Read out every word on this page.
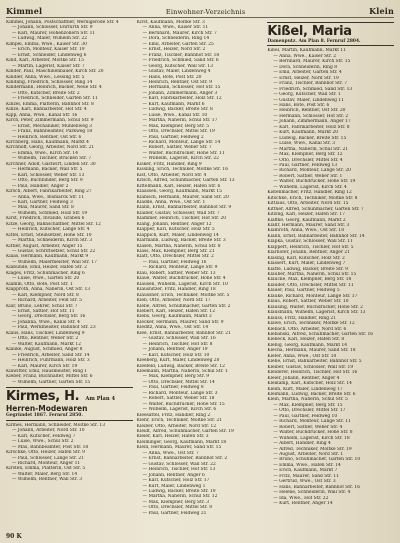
Kimmel	Einwohner-Verzeichnis	Klein
Kimmel, Johann, Postschaffner, Wernigerode Str. 4
— Johann, Schlosser, Ehrfurth Str. 9
— Karl, Maurer, Hohenzollern Str. 11
— Ludwig, Maler, Wilhelm Str. 22
Kimpel, Emma, Wwe., Kaiser Str. 30
— Erich, Monteur, Kaiser Str. 19
— Ernst, Schneider, Lindenweg 6
Kind, Karl, Arbeiter, Moltke Str. 15
— Martin, Lagerist, Kaiser Str. 7
Kinder, Paul, Maschinenbauer, Kirch Str. 20
Kindler, Anna, Wwe., Lessing Str. 5
Kindling, Friedrich, Schlosser, Ring 14
Kindermann, Heinrich, Bäcker, Neue Str. 4
— Otto, Kutscher, Breite Str. 2
— Friedrich, Schneider, Garten Str. 11
Kinzel, Emma, Plätterin, Bahnhof Str. 8
Kinze, Karl, Bahnarbeiter, Hof Str. 4
Kipp, Anna, Wwe., Kanal Str. 16
Kirch, Peter, Zimmermann, Schul Str. 9
— Ernst, Mechaniker, Mühlenweg 3
— Franz, Bahnbeamter, Parkweg 18
— Heinrich, Rentner, Ost Str. 6
Kirchberg, Hans, Kaufmann, Markt 4
Kirchhoff, Georg, Arbeiter, Nord Str. 21
— Emma, Wwe., Kirch Str. 14
— Wilhelm, Tischler, Brücken Str. 7
Kirchner, Adolf, Gastwirt, Linden Str. 30
— Hermann, Bäcker, Wall Str. 5
— Karl, Schlosser, Weber Str. 13
— Otto, Buchbinder, Berg Str. 9
— Paul, Händler, Anger 2
Kirsch, Albert, Fabrikarbeiter, Ring 27
— Anna, Wwe., Bismarck Str. 11
— Karl, Gärtner, Feldweg 3
— Max, Maurer, Sand Str. 8
— Wilhelm, Schmied, Holz Str. 19
Kirst, Friedrich, Invalide, Graben 6
Kitze, Georg, Bahnschaffner, Mittel Str. 12
— Heinrich, Kutscher, Lange Str. 4
Kittel, Ernst, Steinsetzer, Hohe Str. 10
— Martha, Schneiderin, Kirch Str. 3
Kittler, August, Arbeiter, Anger 15
— Gustav, Schriftsetzer, Schul Str. 22
Klaas, Hermann, Kaufmann, Markt 9
— Wilhelm, Malermeister, Wall Str. 17
Klabunde, Emil, Heizer, Hafen Str. 2
Klages, Fritz, Schuhmacher, Ring 6
— Luise, Wwe., Garten Str. 20
Klamm, Otto, Bote, Post Str. 1
Klapproth, Anna, Näherin, Ost Str. 13
— Karl, Klempner, Nord Str. 8
— Richard, Arbeiter, Feld Str. 5
Klar, Bruno, Lehrer, Schul Str. 7
— Ernst, Sattler, Hof Str. 11
— Georg, Drechsler, Berg Str. 16
— Johanna, Wwe., Kanal Str. 4
— Paul, Werkmeister, Bahnhof Str. 23
Klaus, Hans, Tischler, Lindenweg 9
— Otto, Rentner, Weber Str. 2
— Walter, Kaufmann, Markt 12
Klauke, August, Schmied, Anger 8
— Friedrich, Arbeiter, Sand Str. 14
— Heinrich, Fuhrmann, Holz Str. 3
— Karl, Maurer, Kirch Str. 19
Klawitter, Emil, Hausmeister, Ring 1
Kleber, Franz, Buchhalter, Mittel Str. 6
— Wilhelm, Gärtner, Garten Str. 15
Kirmes, H. Am Plan 4
Herren-Modewaren
Gegründet 1867. Fernruf 2850.
Kirmes, Hermann, Schneider, Moltke Str. 13
— Johann, Arbeiter, Nord Str. 10
— Karl, Kutscher, Feldweg 7
— Luise, Wwe., Schul Str. 2
— Max, Bahnbeamter, Post Str. 18
Kirschke, Otto, Heizer, Hafen Str. 9
— Paul, Schlosser, Lange Str. 21
— Richard, Monteur, Anger 11
Kirsten, Emma, Plätterin, Ost Str. 5
— Walter, Maler, Berg Str. 14
— Wilhelm, Rentner, Wall Str. 3
Kirst, Kaufmann, Moltke Str. 3
— Anna, Wwe., Kaiser Str. 11
— Bernhard, Maurer, Kirch Str. 7
— Dora, Schneiderin, Ring 14
— Emil, Arbeiter, Garten Str. 25
— Ernst, Heizer, Nord Str. 2
— Franz, Tischler, Bahnhof Str. 18
— Friedrich, Schmied, Sand Str. 6
— Georg, Kutscher, Wall Str. 13
— Gustav, Maler, Lindenweg 4
— Hans, Bote, Post Str. 20
— Heinrich, Rentner, Ost Str. 9
— Hermann, Schlosser, Hof Str. 15
— Johann, Zimmermann, Anger 3
— Karl, Fabrikarbeiter, Holz Str. 12
— Kurt, Kaufmann, Markt 6
— Ludwig, Bäcker, Breite Str. 8
— Luise, Wwe., Kanal Str. 10
— Martha, Näherin, Schul Str. 17
— Max, Klempner, Berg Str. 5
— Otto, Drechsler, Mittel Str. 19
— Paul, Gärtner, Feldweg 2
— Richard, Monteur, Lange Str. 14
— Robert, Sattler, Weber Str. 7
— Walter, Buchdrucker, Hohe Str. 11
— Wilhelm, Lagerist, Kirch Str. 22
Kisker, Fritz, Händler, Ring 9
Kissling, Erich, Techniker, Moltke Str. 16
Kist, Otto, Arbeiter, Nord Str. 4
Kitsch, Alfred, Schuhmacher, Garten Str. 13
Kittelmann, Karl, Heizer, Hafen Str. 6
Klaassen, Georg, Kaufmann, Markt 15
Klabisch, Hermann, Maurer, Sand Str. 20
Kladde, Anna, Wwe., Ost Str. 1
Klähn, Ernst, Bahnarbeiter, Bahnhof Str. 9
Klaiber, Gustav, Schlosser, Wall Str. 7
Klammer, Heinrich, Tischler, Hof Str. 20
Klang, Johann, Rentner, Anger 12
Klapper, Karl, Kutscher, Holz Str. 5
Klappich, Kurt, Maler, Lindenweg 14
Klarmann, Ludwig, Bäcker, Breite Str. 3
Klasen, Martha, Näherin, Schul Str. 8
Klass, Max, Klempner, Berg Str. 21
Klatt, Otto, Drechsler, Mittel Str. 2
— Paul, Gärtner, Feldweg 16
— Richard, Monteur, Lange Str. 9
Klau, Robert, Sattler, Weber Str. 13
Klaue, Walter, Buchdrucker, Hohe Str. 4
Klausen, Wilhelm, Lagerist, Kirch Str. 10
Klausnitzer, Fritz, Händler, Ring 18
Klaussner, Erich, Techniker, Moltke Str. 5
Kleb, Otto, Arbeiter, Nord Str. 17
Klebe, Alfred, Schuhmacher, Garten Str. 2
Klebert, Karl, Heizer, Hafen Str. 12
Klebs, Georg, Kaufmann, Markt 3
Klecker, Hermann, Maurer, Sand Str. 9
Kleditz, Anna, Wwe., Ost Str. 14
Klee, Ernst, Bahnarbeiter, Bahnhof Str. 21
— Gustav, Schlosser, Wall Str. 16
— Heinrich, Tischler, Hof Str. 8
— Johann, Rentner, Anger 19
— Karl, Kutscher, Holz Str. 10
Kleeberg, Kurt, Maler, Lindenweg 20
Kleefeld, Ludwig, Bäcker, Breite Str. 12
Kleemann, Martha, Näherin, Schul Str. 1
— Max, Klempner, Berg Str. 9
— Otto, Drechsler, Mittel Str. 14
— Paul, Gärtner, Feldweg 8
— Richard, Monteur, Lange Str. 3
— Robert, Sattler, Weber Str. 18
— Walter, Buchdrucker, Hohe Str. 15
— Wilhelm, Lagerist, Kirch Str. 6
Kleesattel, Fritz, Händler, Ring 2
Klehr, Erich, Techniker, Moltke Str. 21
Kleiber, Otto, Arbeiter, Nord Str. 12
Kleidt, Alfred, Schuhmacher, Garten Str. 19
Kleier, Karl, Heizer, Hafen Str. 3
Kleiminger, Georg, Kaufmann, Markt 18
Klein, Hermann, Maurer, Sand Str. 15
— Anna, Wwe., Ost Str. 7
— Ernst, Bahnarbeiter, Bahnhof Str. 2
— Gustav, Schlosser, Wall Str. 22
— Heinrich, Tischler, Hof Str. 13
— Johann, Rentner, Anger 6
— Karl, Kutscher, Holz Str. 17
— Kurt, Maler, Lindenweg 1
— Ludwig, Bäcker, Breite Str. 19
— Martha, Näherin, Schul Str. 12
— Max, Klempner, Berg Str. 3
— Otto, Drechsler, Mittel Str. 8
— Paul, Gärtner, Feldweg 21
Kißel, Maria
Damenputz. Am Plan 8. Fernruf 2804.
Kißel, Martin, Kaufmann, Markt 11
— Anna, Wwe., Kaiser Str. 2
— Bernhard, Maurer, Kirch Str. 15
— Dora, Schneiderin, Ring 8
— Emil, Arbeiter, Garten Str. 4
— Ernst, Heizer, Nord Str. 19
— Franz, Tischler, Bahnhof Str. 7
— Friedrich, Schmied, Sand Str. 13
— Georg, Kutscher, Wall Str. 1
— Gustav, Maler, Lindenweg 11
— Hans, Bote, Post Str. 6
— Heinrich, Rentner, Ost Str. 20
— Hermann, Schlosser, Hof Str. 2
— Johann, Zimmermann, Anger 17
— Karl, Fabrikarbeiter, Holz Str. 8
— Kurt, Kaufmann, Markt 20
— Ludwig, Bäcker, Breite Str. 15
— Luise, Wwe., Kanal Str. 3
— Martha, Näherin, Schul Str. 21
— Max, Klempner, Berg Str. 12
— Otto, Drechsler, Mittel Str. 4
— Paul, Gärtner, Feldweg 13
— Richard, Monteur, Lange Str. 20
— Robert, Sattler, Weber Str. 1
— Walter, Buchdrucker, Hohe Str. 19
— Wilhelm, Lagerist, Kirch Str. 4
Kistenmacher, Fritz, Händler, Ring 12
Kitschke, Erich, Techniker, Moltke Str. 8
Kittlaus, Otto, Arbeiter, Nord Str. 15
Kittner, Alfred, Schuhmacher, Garten Str. 7
Kitzing, Karl, Heizer, Hafen Str. 17
Klaffke, Georg, Kaufmann, Markt 2
Klahr, Hermann, Maurer, Sand Str. 3
Klamroth, Anna, Wwe., Ost Str. 18
Klann, Ernst, Bahnarbeiter, Bahnhof Str. 14
Klapka, Gustav, Schlosser, Wall Str. 11
Klappert, Heinrich, Tischler, Hof Str. 5
Klarhöfer, Johann, Rentner, Anger 21
Klasing, Karl, Kutscher, Holz Str. 2
Klassert, Kurt, Maler, Lindenweg 7
Klatte, Ludwig, Bäcker, Breite Str. 9
Klauber, Martha, Näherin, Schul Str. 15
Klaucke, Max, Klempner, Berg Str. 18
Klauder, Otto, Drechsler, Mittel Str. 11
Klauer, Paul, Gärtner, Feldweg 5
Klauke, Richard, Monteur, Lange Str. 17
Klaus, Robert, Sattler, Weber Str. 10
Klausing, Walter, Buchdrucker, Hohe Str. 2
Klausmann, Wilhelm, Lagerist, Kirch Str. 13
Klauss, Fritz, Händler, Ring 21
Klawe, Erich, Techniker, Moltke Str. 12
Klebach, Otto, Arbeiter, Nord Str. 6
Klebanski, Alfred, Schuhmacher, Garten Str. 16
Klebeck, Karl, Heizer, Hafen Str. 8
Klebig, Georg, Kaufmann, Markt 14
Klecha, Hermann, Maurer, Sand Str. 18
Klefer, Anna, Wwe., Ost Str. 10
Klehe, Ernst, Bahnarbeiter, Bahnhof Str. 5
Kleiber, Gustav, Schlosser, Wall Str. 19
Kleiderer, Heinrich, Tischler, Hof Str. 16
Kleier, Johann, Rentner, Anger 4
Kleikamp, Karl, Kutscher, Holz Str. 14
Kleim, Kurt, Maler, Lindenweg 17
Kleimann, Ludwig, Bäcker, Breite Str. 6
Klein, Martha, Näherin, Schul Str. 5
— Max, Klempner, Berg Str. 15
— Otto, Drechsler, Mittel Str. 17
— Paul, Gärtner, Feldweg 10
— Richard, Monteur, Lange Str. 11
— Robert, Sattler, Weber Str. 4
— Walter, Buchdrucker, Hohe Str. 8
— Wilhelm, Lagerist, Kirch Str. 18
— Albert, Händler, Ring 4
— Alfred, Techniker, Moltke Str. 19
— August, Arbeiter, Nord Str. 1
— Bruno, Schuhmacher, Garten Str. 10
— Emma, Wwe., Hafen Str. 14
— Erich, Kaufmann, Markt 7
— Fritz, Maurer, Sand Str. 11
— Gertrud, Wwe., Ost Str. 3
— Hans, Bahnarbeiter, Bahnhof Str. 16
— Helene, Schneiderin, Wall Str. 4
— Ida, Wwe., Hof Str. 22
— Kurt, Rentner, Anger 14
90 K
